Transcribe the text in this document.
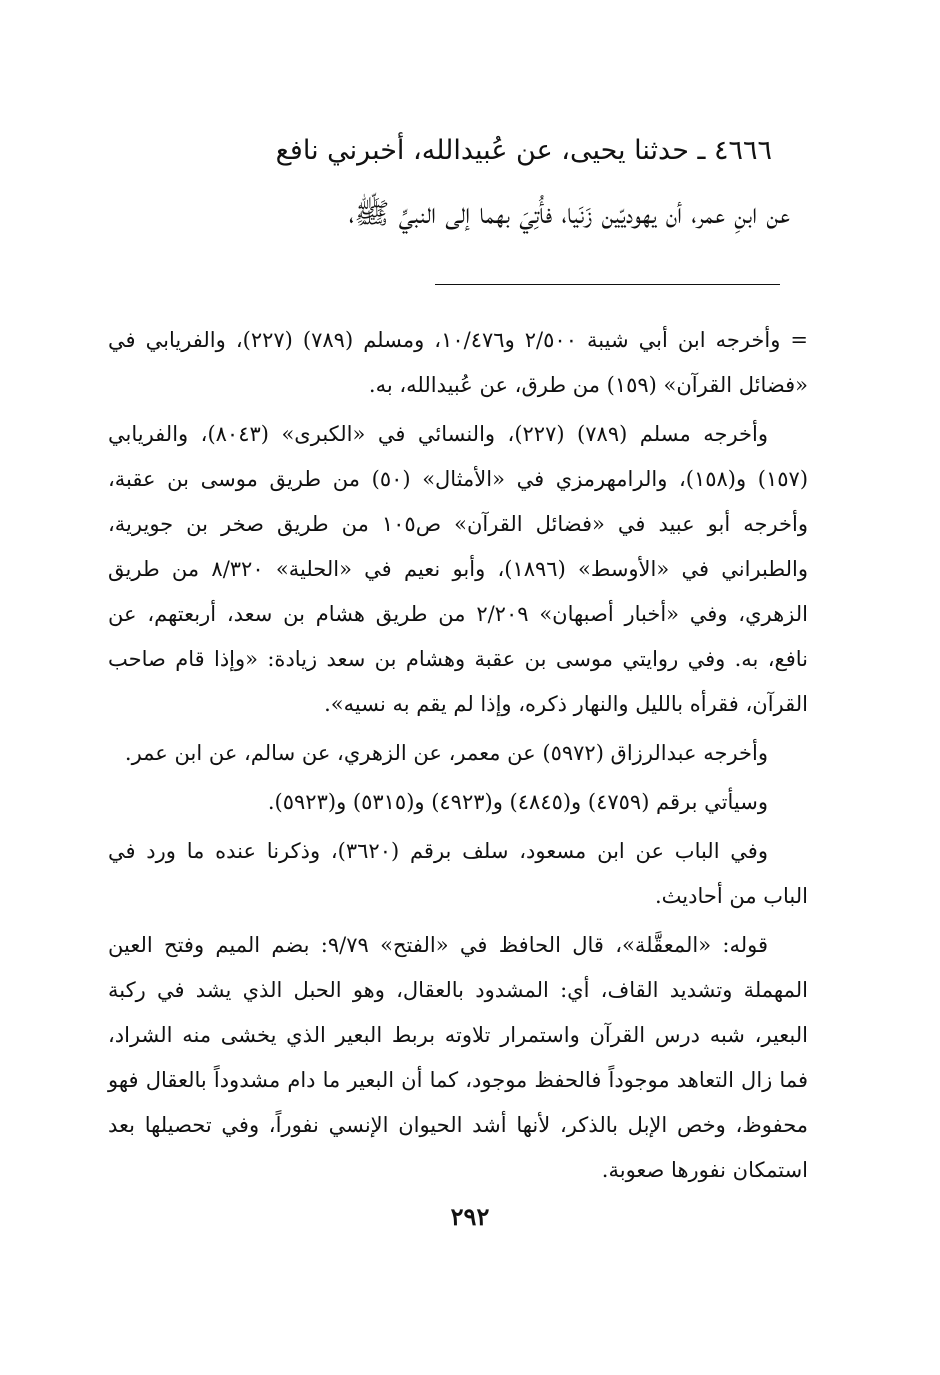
٤٦٦٦ ـ حدثنا يحيى، عن عُبيدالله، أخبرني نافع
عن ابنِ عمر، أن يهوديّين زَنَيا، فأُتِيَ بهما إلى النبيِّ ﷺ،

= وأخرجه ابن أبي شيبة ٢/٥٠٠ و١٠/٤٧٦، ومسلم (٧٨٩) (٢٢٧)، والفريابي في «فضائل القرآن» (١٥٩) من طرق، عن عُبيدالله، به.

وأخرجه مسلم (٧٨٩) (٢٢٧)، والنسائي في «الكبرى» (٨٠٤٣)، والفريابي (١٥٧) و(١٥٨)، والرامهرمزي في «الأمثال» (٥٠) من طريق موسى بن عقبة، وأخرجه أبو عبيد في «فضائل القرآن» ص١٠٥ من طريق صخر بن جويرية، والطبراني في «الأوسط» (١٨٩٦)، وأبو نعيم في «الحلية» ٨/٣٢٠ من طريق الزهري، وفي «أخبار أصبهان» ٢/٢٠٩ من طريق هشام بن سعد، أربعتهم، عن نافع، به. وفي روايتي موسى بن عقبة وهشام بن سعد زيادة: «وإذا قام صاحب القرآن، فقرأه بالليل والنهار ذكره، وإذا لم يقم به نسيه».

وأخرجه عبدالرزاق (٥٩٧٢) عن معمر، عن الزهري، عن سالم، عن ابن عمر.

وسيأتي برقم (٤٧٥٩) و(٤٨٤٥) و(٤٩٢٣) و(٥٣١٥) و(٥٩٢٣).

وفي الباب عن ابن مسعود، سلف برقم (٣٦٢٠)، وذكرنا عنده ما ورد في الباب من أحاديث.

قوله: «المعقَّلة»، قال الحافظ في «الفتح» ٩/٧٩: بضم الميم وفتح العين المهملة وتشديد القاف، أي: المشدود بالعقال، وهو الحبل الذي يشد في ركبة البعير، شبه درس القرآن واستمرار تلاوته بربط البعير الذي يخشى منه الشراد، فما زال التعاهد موجوداً فالحفظ موجود، كما أن البعير ما دام مشدوداً بالعقال فهو محفوظ، وخص الإبل بالذكر، لأنها أشد الحيوان الإنسي نفوراً، وفي تحصيلها بعد استمكان نفورها صعوبة.

٢٩٢
